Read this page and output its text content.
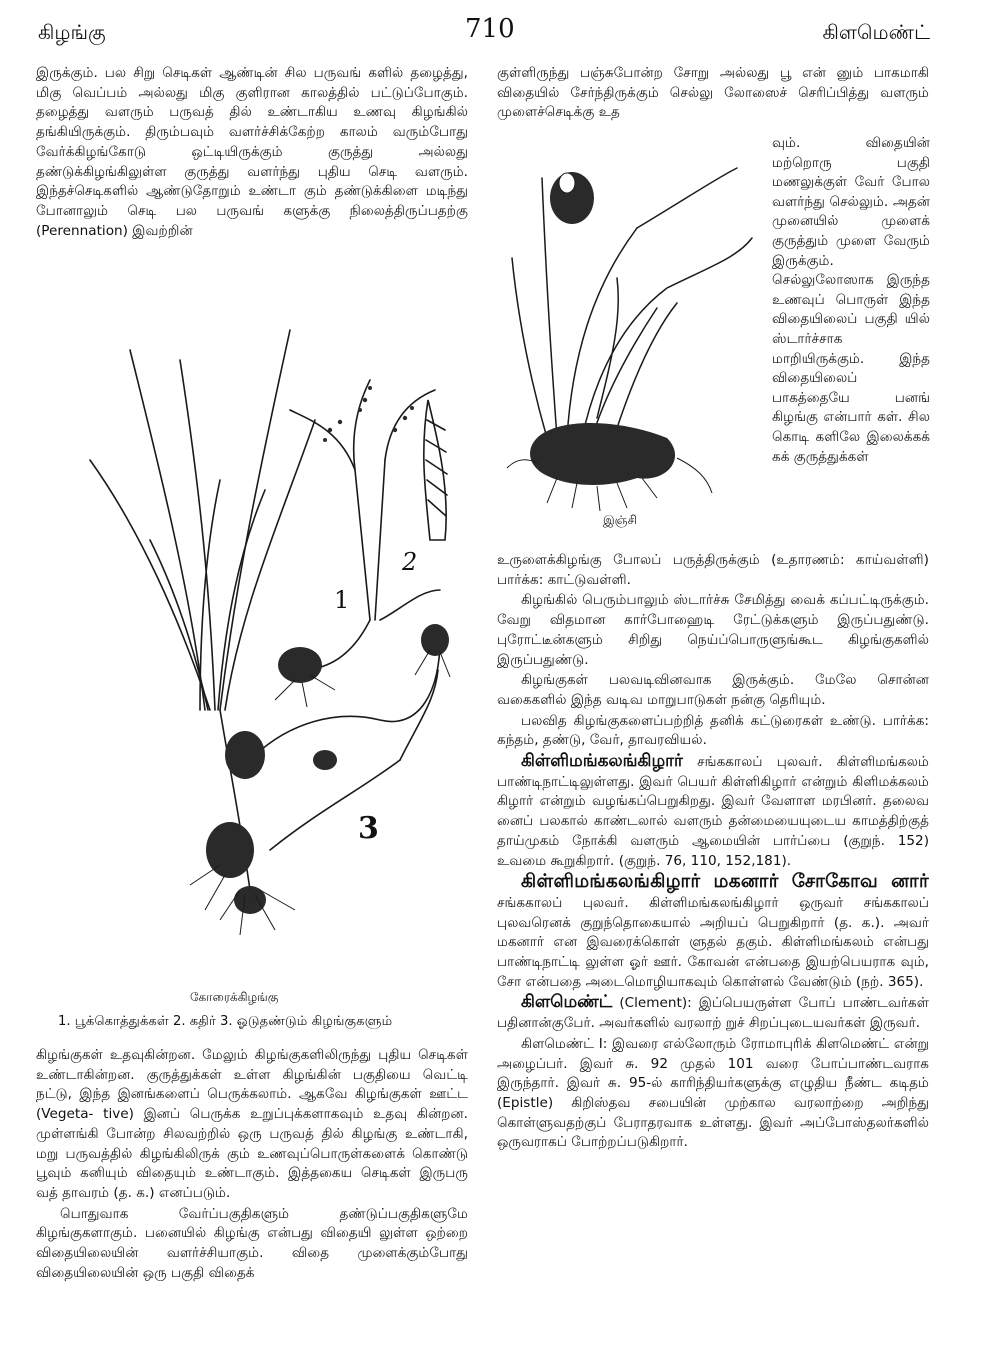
கிழங்கு	710	கிளமெண்ட்

இருக்கும். பல சிறு செடிகள் ஆண்டின் சில பருவங் களில் தழைத்து, மிகு வெப்பம் அல்லது மிகு குளிரான காலத்தில் பட்டுப்போகும். தழைத்து வளரும் பருவத் தில் உண்டாகிய உணவு கிழங்கில் தங்கியிருக்கும். திரும்பவும் வளர்ச்சிக்கேற்ற காலம் வரும்போது வேர்க்கிழங்கோடு ஒட்டியிருக்கும் குருத்து அல்லது தண்டுக்கிழங்கிலுள்ள குருத்து வளர்ந்து புதிய செடி வளரும். இந்தச்செடிகளில் ஆண்டுதோறும் உண்டா கும் தண்டுக்கிளை மடிந்து போனாலும் செடி பல பருவங் களுக்கு நிலைத்திருப்பதற்கு (Perennation) இவற்றின்

1
2
3
கோரைக்கிழங்கு
1. பூக்கொத்துக்கள் 2. கதிர் 3. ஓடுதண்டும் கிழங்குகளும்

கிழங்குகள் உதவுகின்றன. மேலும் கிழங்குகளிலிருந்து புதிய செடிகள் உண்டாகின்றன. குருத்துக்கள் உள்ள கிழங்கின் பகுதியை வெட்டி நட்டு, இந்த இனங்களைப் பெருக்கலாம். ஆகவே கிழங்குகள் ஊட்ட (Vegeta- tive) இனப் பெருக்க உறுப்புக்களாகவும் உதவு கின்றன. முள்ளங்கி போன்ற சிலவற்றில் ஒரு பருவத் தில் கிழங்கு உண்டாகி, மறு பருவத்தில் கிழங்கிலிருக் கும் உணவுப்பொருள்களைக் கொண்டு பூவும் கனியும் விதையும் உண்டாகும். இத்தகைய செடிகள் இருபரு வத் தாவரம் (த. க.) எனப்படும்.

பொதுவாக வேர்ப்பகுதிகளும் தண்டுப்பகுதிகளுமே கிழங்குகளாகும். பனையில் கிழங்கு என்பது விதையி லுள்ள ஒற்றை விதையிலையின் வளர்ச்சியாகும். விதை முளைக்கும்போது விதையிலையின் ஒரு பகுதி விதைக்

குள்ளிருந்து பஞ்சுபோன்ற சோறு அல்லது பூ என் னும் பாகமாகி விதையில் சேர்ந்திருக்கும் செல்லு லோஸைச் செரிப்பித்து வளரும் முளைச்செடிக்கு உத

இஞ்சி
வும். விதையின் மற்றொரு பகுதி மணலுக்குள் வேர் போல வளர்ந்து செல்லும். அதன் முனையில் முளைக் குருத்தும் முளை வேரும் இருக்கும். செல்லுலோஸாக இருந்த உணவுப் பொருள் இந்த விதையிலைப் பகுதி யில் ஸ்டார்ச்சாக மாறியிருக்கும். இந்த விதையிலைப் பாகத்தையே பனங் கிழங்கு என்பார் கள். சில கொடி களிலே இலைக்கக் கக் குருத்துக்கள்

உருளைக்கிழங்கு போலப் பருத்திருக்கும் (உதாரணம்: காய்வள்ளி) பார்க்க: காட்டுவள்ளி.

கிழங்கில் பெரும்பாலும் ஸ்டார்ச்சு சேமித்து வைக் கப்பட்டிருக்கும். வேறு விதமான கார்போஹைடி ரேட்டுக்களும் இருப்பதுண்டு. புரோட்டீன்களும் சிறிது நெய்ப்பொருளுங்கூட கிழங்குகளில் இருப்பதுண்டு.

கிழங்குகள் பலவடிவினவாக இருக்கும். மேலே சொன்ன வகைகளில் இந்த வடிவ மாறுபாடுகள் நன்கு தெரியும்.

பலவித கிழங்குகளைப்பற்றித் தனிக் கட்டுரைகள் உண்டு. பார்க்க: கந்தம், தண்டு, வேர், தாவரவியல்.

கிள்ளிமங்கலங்கிழார் சங்ககாலப் புலவர். கிள்ளிமங்கலம் பாண்டிநாட்டிலுள்ளது. இவர் பெயர் கிள்ளிகிழார் என்றும் கிளிமக்கலம் கிழார் என்றும் வழங்கப்பெறுகிறது. இவர் வேளாள மரபினர். தலைவ னைப் பலகால் காண்டலால் வளரும் தன்மையையுடைய காமத்திற்குத் தாய்முகம் நோக்கி வளரும் ஆமையின் பார்ப்பை (குறுந். 152) உவமை கூறுகிறார். (குறுந். 76, 110, 152,181).

கிள்ளிமங்கலங்கிழார் மகனார் சோகோவ னார் சங்ககாலப் புலவர். கிள்ளிமங்கலங்கிழார் ஒருவர் சங்ககாலப் புலவரெனக் குறுந்தொகையால் அறியப் பெறுகிறார் (த. க.). அவர் மகனார் என இவரைக்கொள் ளுதல் தகும். கிள்ளிமங்கலம் என்பது பாண்டிநாட்டி லுள்ள ஓர் ஊர். கோவன் என்பதை இயற்பெயராக வும், சோ என்பதை அடைமொழியாகவும் கொள்ளல் வேண்டும் (நற். 365).

கிளமெண்ட் (Clement): இப்பெயருள்ள போப் பாண்டவர்கள் பதினான்குபேர். அவர்களில் வரலாற் றுச் சிறப்புடையவர்கள் இருவர்.

கிளமெண்ட் I: இவரை எல்லோரும் ரோமாபுரிக் கிளமெண்ட் என்று அழைப்பர். இவர் சு. 92 முதல் 101 வரை போப்பாண்டவராக இருந்தார். இவர் சு. 95-ல் காரிந்தியர்களுக்கு எழுதிய நீண்ட கடிதம் (Epistle) கிறிஸ்தவ சபையின் முற்கால வரலாற்றை அறிந்து கொள்ளுவதற்குப் பேராதரவாக உள்ளது. இவர் அப்போஸ்தலர்களில் ஒருவராகப் போற்றப்படுகிறார்.
